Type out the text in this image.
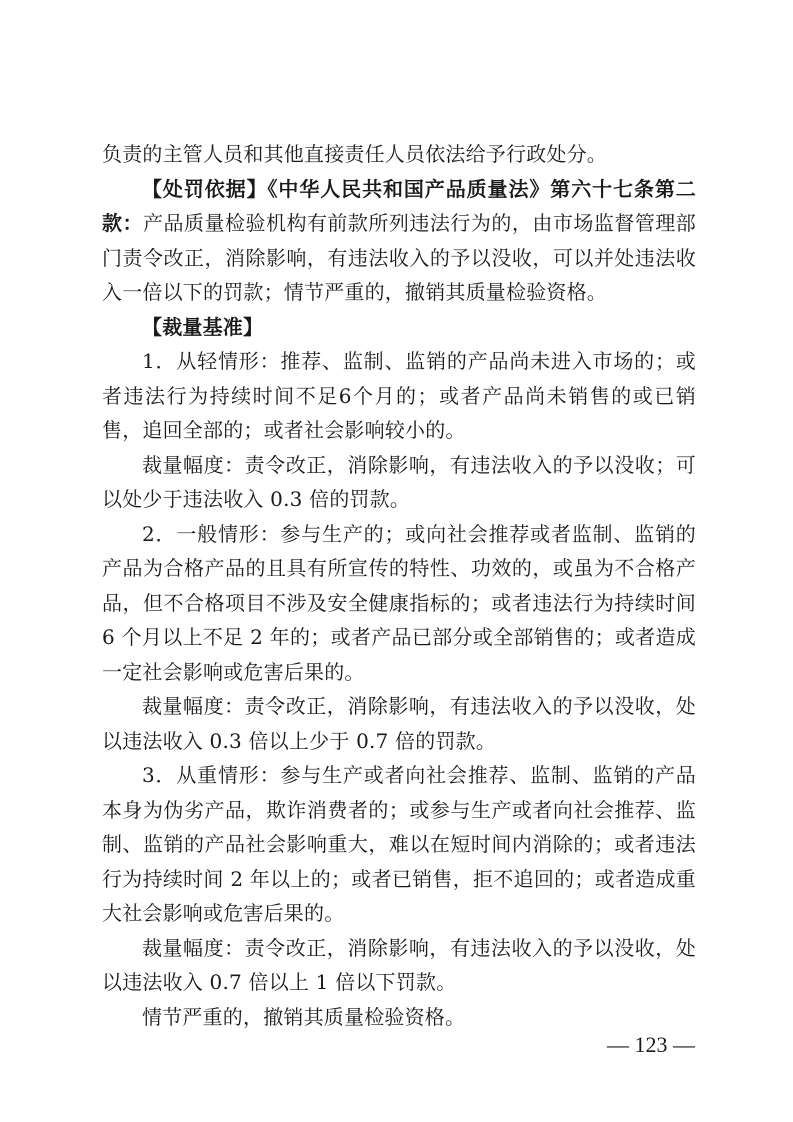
负责的主管人员和其他直接责任人员依法给予行政处分。

【处罚依据】《中华人民共和国产品质量法》第六十七条第二款：产品质量检验机构有前款所列违法行为的，由市场监督管理部门责令改正，消除影响，有违法收入的予以没收，可以并处违法收入一倍以下的罚款；情节严重的，撤销其质量检验资格。

【裁量基准】

1．从轻情形：推荐、监制、监销的产品尚未进入市场的；或者违法行为持续时间不足6个月的；或者产品尚未销售的或已销售，追回全部的；或者社会影响较小的。

裁量幅度：责令改正，消除影响，有违法收入的予以没收；可以处少于违法收入 0.3 倍的罚款。

2．一般情形：参与生产的；或向社会推荐或者监制、监销的产品为合格产品的且具有所宣传的特性、功效的，或虽为不合格产品，但不合格项目不涉及安全健康指标的；或者违法行为持续时间 6 个月以上不足 2 年的；或者产品已部分或全部销售的；或者造成一定社会影响或危害后果的。

裁量幅度：责令改正，消除影响，有违法收入的予以没收，处以违法收入 0.3 倍以上少于 0.7 倍的罚款。

3．从重情形：参与生产或者向社会推荐、监制、监销的产品本身为伪劣产品，欺诈消费者的；或参与生产或者向社会推荐、监制、监销的产品社会影响重大，难以在短时间内消除的；或者违法行为持续时间 2 年以上的；或者已销售，拒不追回的；或者造成重大社会影响或危害后果的。

裁量幅度：责令改正，消除影响，有违法收入的予以没收，处以违法收入 0.7 倍以上 1 倍以下罚款。

情节严重的，撤销其质量检验资格。

— 123 —
